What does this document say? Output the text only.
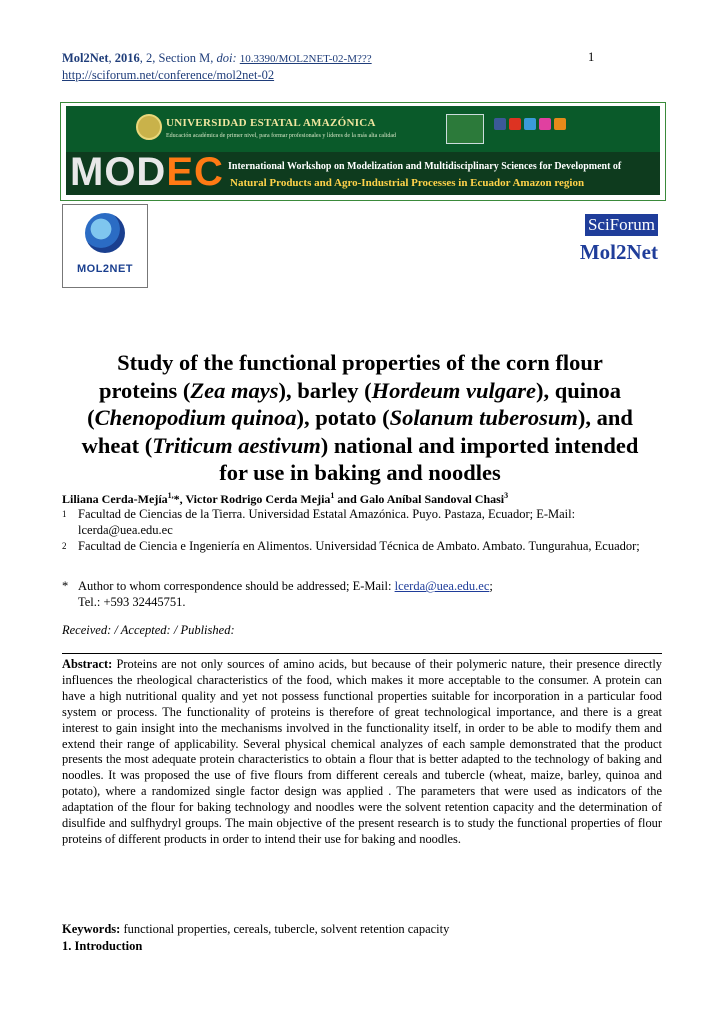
Mol2Net, 2016, 2, Section M, doi: 10.3390/MOL2NET-02-M???
http://sciforum.net/conference/mol2net-02
1
UNIVERSIDAD ESTATAL AMAZÓNICA
Educación académica de primer nivel, para formar profesionales y líderes de la más alta calidad
MODEC International Workshop on Modelization and Multidisciplinary Sciences for Development of
Natural Products and Agro-Industrial Processes in Ecuador Amazon region
MOL2NET
SciForum
Mol2Net
Study of the functional properties of the corn flour
proteins (Zea mays), barley (Hordeum vulgare), quinoa
(Chenopodium quinoa), potato (Solanum tuberosum), and
wheat (Triticum aestivum) national and imported intended
for use in baking and noodles
Liliana Cerda-Mejía$^{1,}$*, Victor Rodrigo Cerda Mejia$^1$ and Galo Aníbal Sandoval Chasi$^3$
1 Facultad de Ciencias de la Tierra. Universidad Estatal Amazónica. Puyo. Pastaza, Ecuador; E-Mail: lcerda@uea.edu.ec
2 Facultad de Ciencia e Ingeniería en Alimentos. Universidad Técnica de Ambato. Ambato. Tungurahua, Ecuador;
* Author to whom correspondence should be addressed; E-Mail: lcerda@uea.edu.ec;
Tel.: +593 32445751.
Received: / Accepted: / Published:
Abstract: Proteins are not only sources of amino acids, but because of their polymeric nature, their presence directly influences the rheological characteristics of the food, which makes it more acceptable to the consumer. A protein can have a high nutritional quality and yet not possess functional properties suitable for incorporation in a particular food system or process. The functionality of proteins is therefore of great technological importance, and there is a great interest to gain insight into the mechanisms involved in the functionality itself, in order to be able to modify them and extend their range of applicability. Several physical chemical analyzes of each sample demonstrated that the product presents the most adequate protein characteristics to obtain a flour that is better adapted to the technology of baking and noodles. It was proposed the use of five flours from different cereals and tubercle (wheat, maize, barley, quinoa and potato), where a randomized single factor design was applied . The parameters that were used as indicators of the adaptation of the flour for baking technology and noodles were the solvent retention capacity and the determination of disulfide and sulfhydryl groups. The main objective of the present research is to study the functional properties of flour proteins of different products in order to intend their use for baking and noodles.
Keywords: functional properties, cereals, tubercle, solvent retention capacity
1. Introduction
